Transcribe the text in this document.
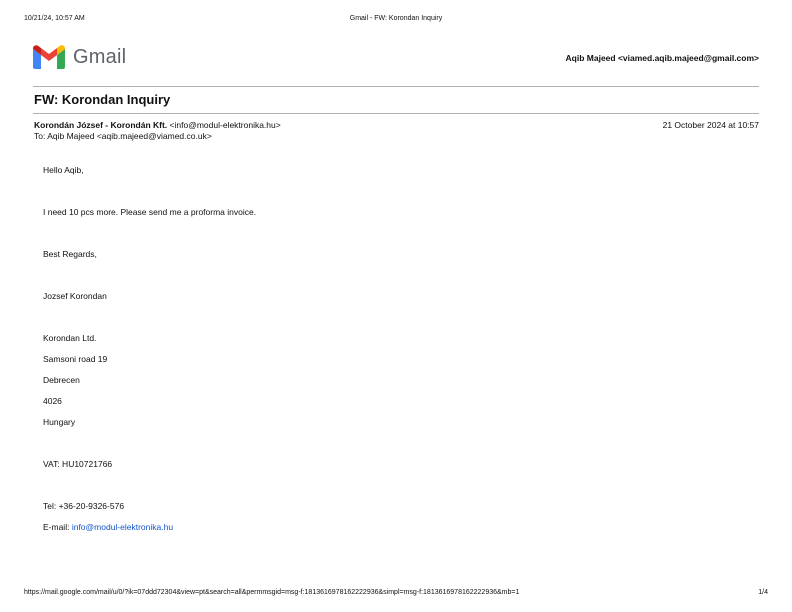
10/21/24, 10:57 AM	Gmail - FW: Korondan Inquiry
Gmail	Aqib Majeed <viamed.aqib.majeed@gmail.com>
FW: Korondan Inquiry
Korondán József - Korondán Kft. <info@modul-elektronika.hu>	21 October 2024 at 10:57
To: Aqib Majeed <aqib.majeed@viamed.co.uk>
Hello Aqib,
I need 10 pcs more. Please send me a proforma invoice.
Best Regards,
Jozsef Korondan
Korondan Ltd.
Samsoni road 19
Debrecen
4026
Hungary
VAT: HU10721766
Tel: +36-20-9326-576
E-mail: info@modul-elektronika.hu
https://mail.google.com/mail/u/0/?ik=07ddd72304&view=pt&search=all&permmsgid=msg-f:1813616978162222936&simpl=msg-f:1813616978162222936&mb=1	1/4
